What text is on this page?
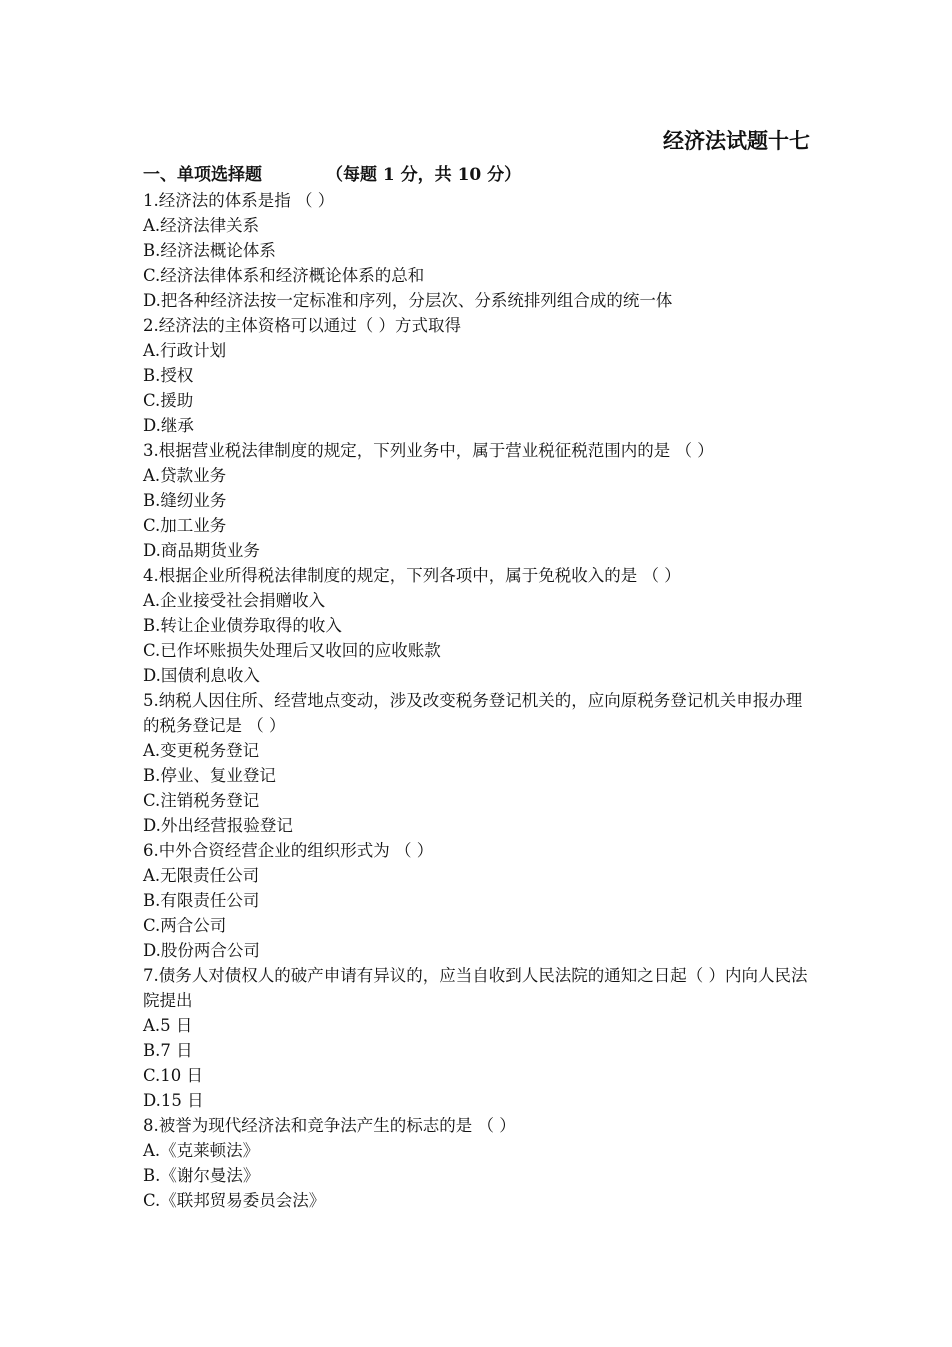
经济法试题十七
一、单项选择题	（每题 1 分，共 10 分）
1.经济法的体系是指 （ ）
A.经济法律关系
B.经济法概论体系
C.经济法律体系和经济概论体系的总和
D.把各种经济法按一定标准和序列，分层次、分系统排列组合成的统一体
2.经济法的主体资格可以通过（ ）方式取得
A.行政计划
B.授权
C.援助
D.继承
3.根据营业税法律制度的规定，下列业务中，属于营业税征税范围内的是 （ ）
A.贷款业务
B.缝纫业务
C.加工业务
D.商品期货业务
4.根据企业所得税法律制度的规定，下列各项中，属于免税收入的是 （ ）
A.企业接受社会捐赠收入
B.转让企业债券取得的收入
C.已作坏账损失处理后又收回的应收账款
D.国债利息收入
5.纳税人因住所、经营地点变动，涉及改变税务登记机关的，应向原税务登记机关申报办理的税务登记是 （ ）
A.变更税务登记
B.停业、复业登记
C.注销税务登记
D.外出经营报验登记
6.中外合资经营企业的组织形式为 （ ）
A.无限责任公司
B.有限责任公司
C.两合公司
D.股份两合公司
7.债务人对债权人的破产申请有异议的，应当自收到人民法院的通知之日起（ ）内向人民法院提出
A.5 日
B.7 日
C.10 日
D.15 日
8.被誉为现代经济法和竞争法产生的标志的是 （ ）
A.《克莱顿法》
B.《谢尔曼法》
C.《联邦贸易委员会法》
